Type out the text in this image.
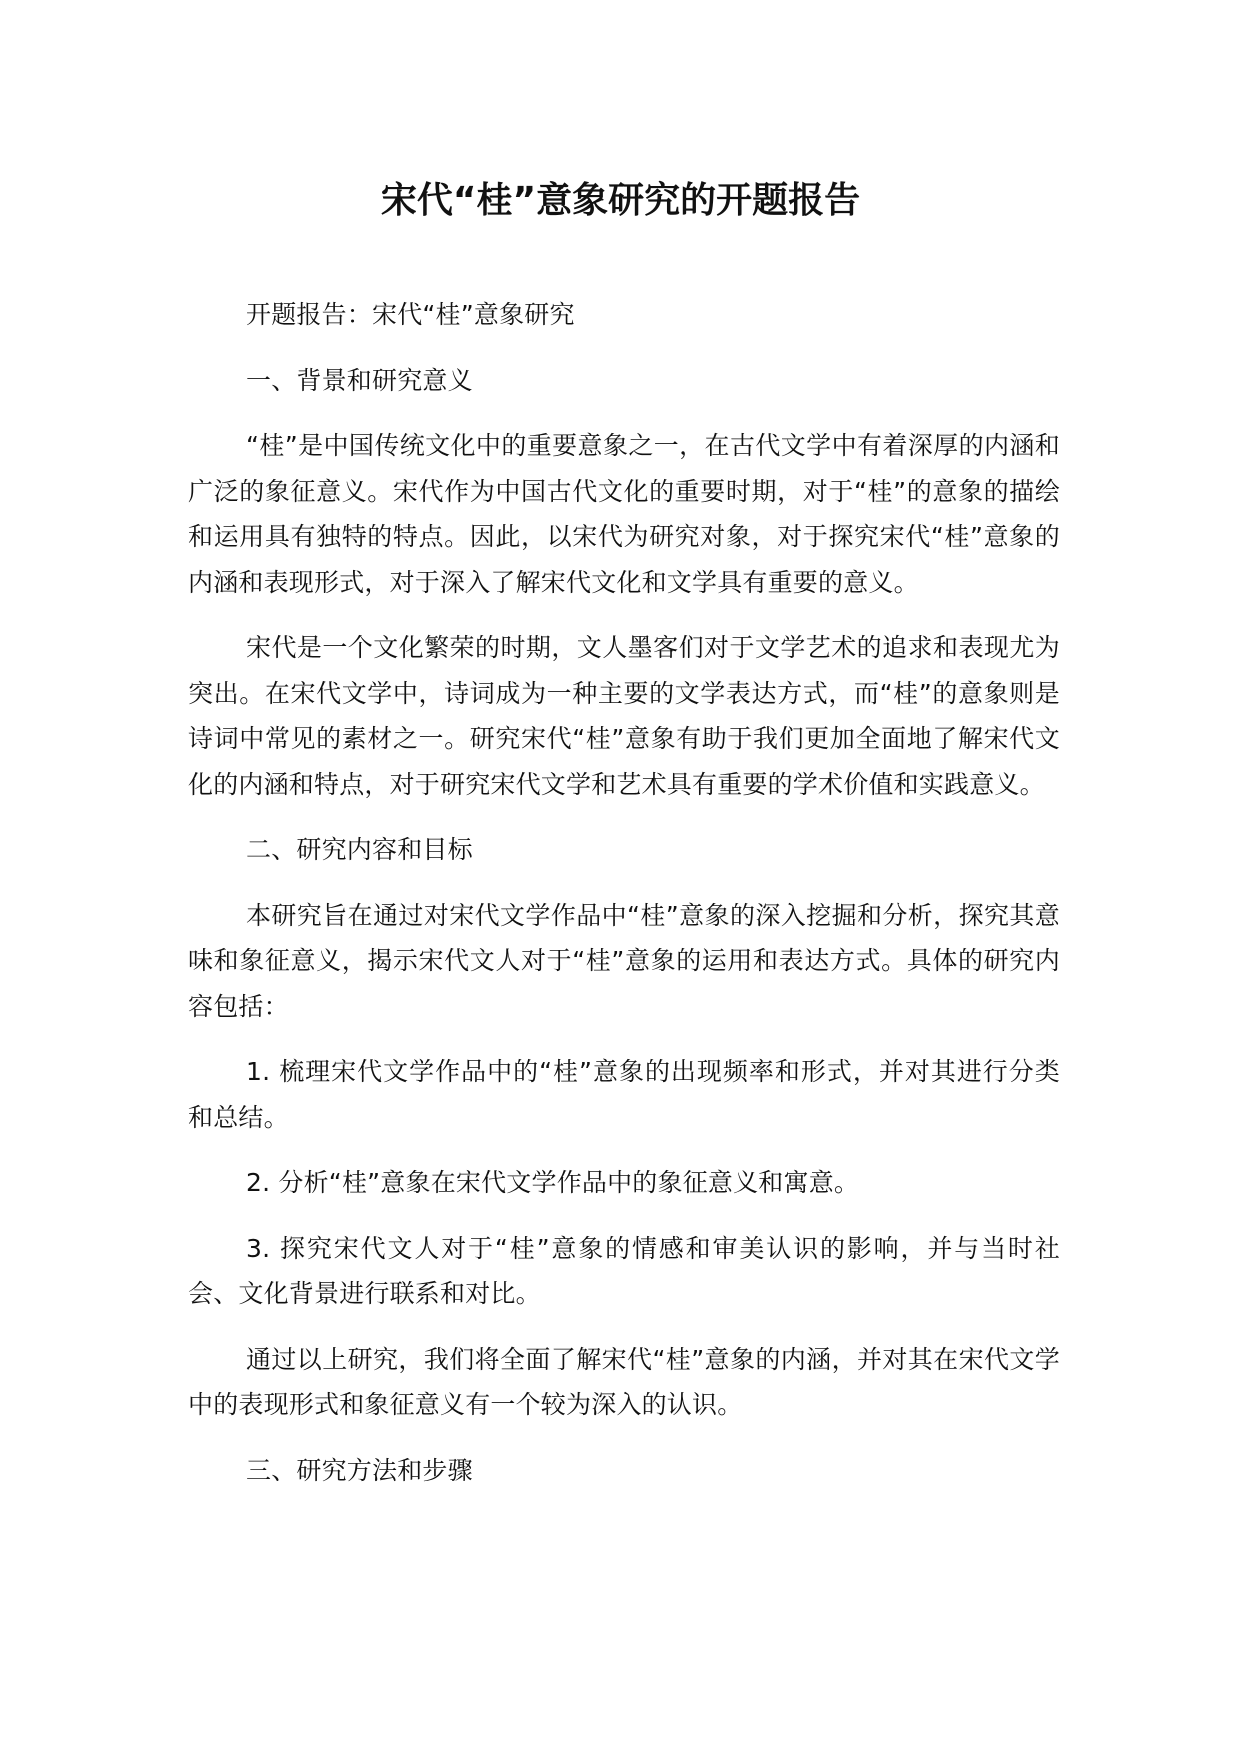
宋代“桂”意象研究的开题报告

开题报告：宋代“桂”意象研究

一、背景和研究意义

“桂”是中国传统文化中的重要意象之一，在古代文学中有着深厚的内涵和广泛的象征意义。宋代作为中国古代文化的重要时期，对于“桂”的意象的描绘和运用具有独特的特点。因此，以宋代为研究对象，对于探究宋代“桂”意象的内涵和表现形式，对于深入了解宋代文化和文学具有重要的意义。

宋代是一个文化繁荣的时期，文人墨客们对于文学艺术的追求和表现尤为突出。在宋代文学中，诗词成为一种主要的文学表达方式，而“桂”的意象则是诗词中常见的素材之一。研究宋代“桂”意象有助于我们更加全面地了解宋代文化的内涵和特点，对于研究宋代文学和艺术具有重要的学术价值和实践意义。

二、研究内容和目标

本研究旨在通过对宋代文学作品中“桂”意象的深入挖掘和分析，探究其意味和象征意义，揭示宋代文人对于“桂”意象的运用和表达方式。具体的研究内容包括：

1. 梳理宋代文学作品中的“桂”意象的出现频率和形式，并对其进行分类和总结。

2. 分析“桂”意象在宋代文学作品中的象征意义和寓意。

3. 探究宋代文人对于“桂”意象的情感和审美认识的影响，并与当时社会、文化背景进行联系和对比。

通过以上研究，我们将全面了解宋代“桂”意象的内涵，并对其在宋代文学中的表现形式和象征意义有一个较为深入的认识。

三、研究方法和步骤
